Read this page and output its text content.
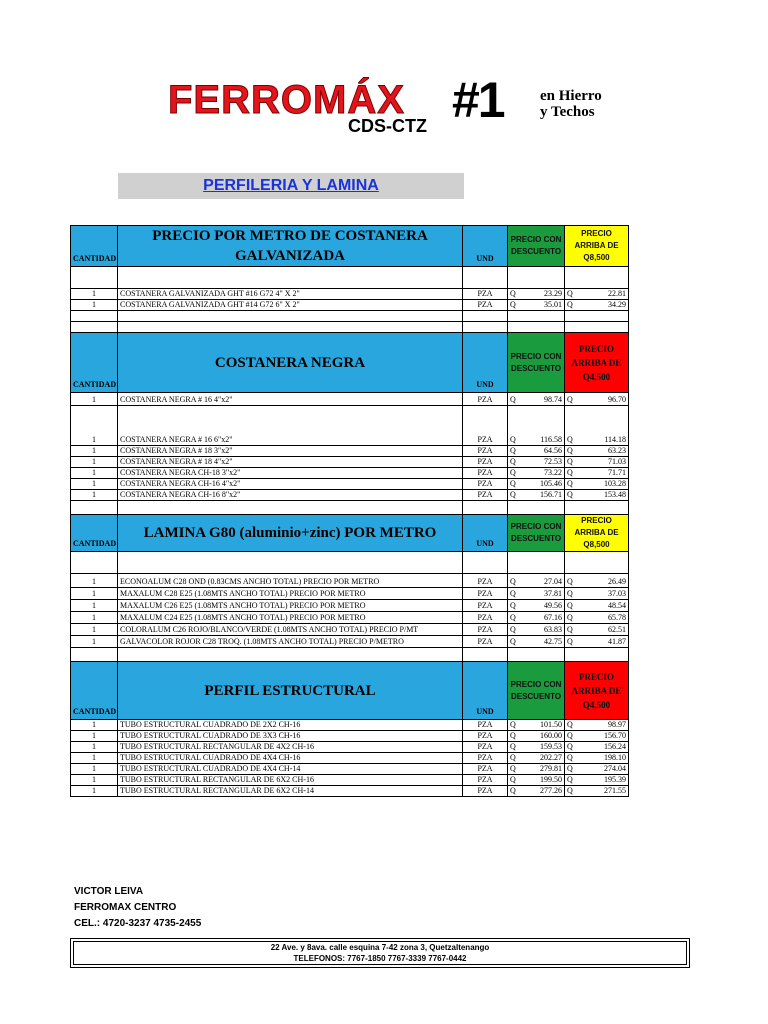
FERROMÁX #1 en Hierro
y Techos
CDS-CTZ
PERFILERIA Y LAMINA
CANTIDAD	PRECIO POR METRO DE COSTANERA GALVANIZADA	UND	PRECIO CON DESCUENTO		PRECIO ARRIBA DE Q8,500	

1	COSTANERA GALVANIZADA GHT #16 G72 4" X 2"	PZA	Q	23.29	Q	22.81
1	COSTANERA GALVANIZADA GHT #14 G72 6" X 2"	PZA	Q	35.01	Q	34.29

CANTIDAD	COSTANERA NEGRA	UND	PRECIO CON DESCUENTO		PRECIO ARRIBA DE Q4,500	
1	COSTANERA NEGRA # 16 4"x2"	PZA	Q	98.74	Q	96.70
1	COSTANERA NEGRA # 16 6"x2"	PZA	Q	116.58	Q	114.18
1	COSTANERA NEGRA # 18 3"x2"	PZA	Q	64.56	Q	63.23
1	COSTANERA NEGRA # 18 4"x2"	PZA	Q	72.53	Q	71.03
1	COSTANERA NEGRA CH-18 3"x2"	PZA	Q	73.22	Q	71.71
1	COSTANERA NEGRA CH-16 4"x2"	PZA	Q	105.46	Q	103.28
1	COSTANERA NEGRA CH-16 8"x2"	PZA	Q	156.71	Q	153.48

CANTIDAD	LAMINA G80 (aluminio+zinc) POR METRO	UND	PRECIO CON DESCUENTO		PRECIO ARRIBA DE Q8,500	

1	ECONOALUM C28 OND (0.83CMS ANCHO TOTAL) PRECIO POR METRO	PZA	Q	27.04	Q	26.49
1	MAXALUM C28 E25 (1.08MTS ANCHO TOTAL) PRECIO POR METRO	PZA	Q	37.81	Q	37.03
1	MAXALUM C26 E25 (1.08MTS ANCHO TOTAL) PRECIO POR METRO	PZA	Q	49.56	Q	48.54
1	MAXALUM C24 E25 (1.08MTS ANCHO TOTAL) PRECIO POR METRO	PZA	Q	67.16	Q	65.78
1	COLORALUM C26 ROJO/BLANCO/VERDE (1.08MTS ANCHO TOTAL) PRECIO P/MT	PZA	Q	63.83	Q	62.51
1	GALVACOLOR ROJOR C28 TROQ. (1.08MTS ANCHO TOTAL) PRECIO P/METRO	PZA	Q	42.75	Q	41.87

CANTIDAD	PERFIL ESTRUCTURAL	UND	PRECIO CON DESCUENTO		PRECIO ARRIBA DE Q4,500	
1	TUBO ESTRUCTURAL CUADRADO DE 2X2 CH-16	PZA	Q	101.50	Q	98.97
1	TUBO ESTRUCTURAL CUADRADO DE 3X3 CH-16	PZA	Q	160.00	Q	156.70
1	TUBO ESTRUCTURAL RECTANGULAR DE 4X2 CH-16	PZA	Q	159.53	Q	156.24
1	TUBO ESTRUCTURAL CUADRADO DE 4X4 CH-16	PZA	Q	202.27	Q	198.10
1	TUBO ESTRUCTURAL CUADRADO DE 4X4 CH-14	PZA	Q	279.81	Q	274.04
1	TUBO ESTRUCTURAL RECTANGULAR DE 6X2 CH-16	PZA	Q	199.50	Q	195.39
1	TUBO ESTRUCTURAL RECTANGULAR DE 6X2 CH-14	PZA	Q	277.26	Q	271.55
VICTOR LEIVA
FERROMAX CENTRO
CEL.: 4720-3237 4735-2455
22 Ave. y 8ava. calle esquina 7-42 zona 3, Quetzaltenango
TELEFONOS: 7767-1850 7767-3339 7767-0442
